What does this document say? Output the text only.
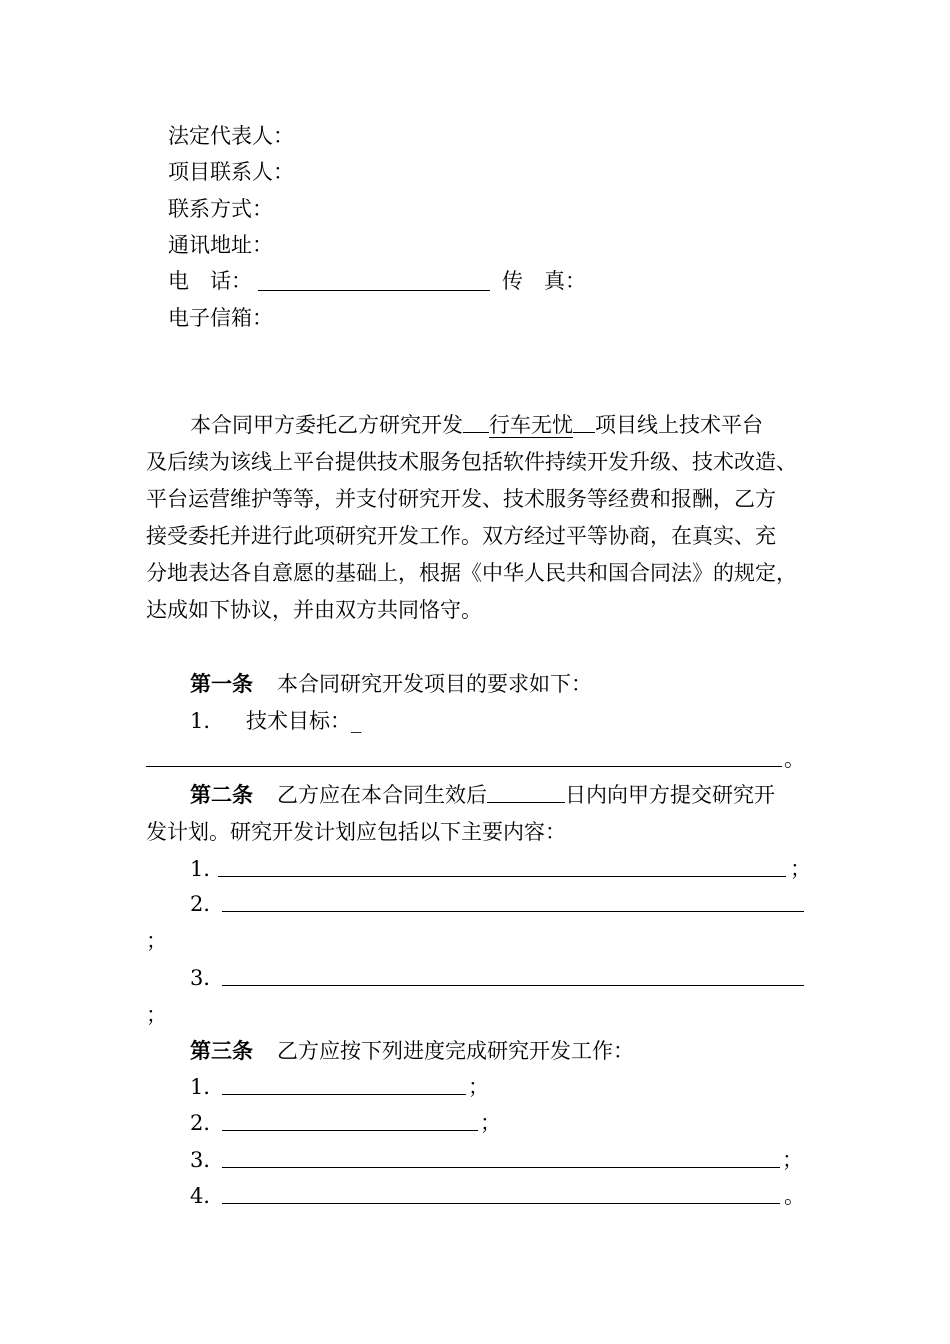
法定代表人：
项目联系人：
联系方式：
通讯地址：
电　话：	传　真：
电子信箱：
本合同甲方委托乙方研究开发 行车无忧 项目线上技术平台
及后续为该线上平台提供技术服务包括软件持续开发升级、技术改造、
平台运营维护等等，并支付研究开发、技术服务等经费和报酬，乙方
接受委托并进行此项研究开发工作。双方经过平等协商，在真实、充
分地表达各自意愿的基础上，根据《中华人民共和国合同法》的规定，
达成如下协议，并由双方共同恪守。
第一条 本合同研究开发项目的要求如下：
1. 技术目标：_
。
第二条 乙方应在本合同生效后	日内向甲方提交研究开
发计划。研究开发计划应包括以下主要内容：
1．	；
2．
；
3．
；
第三条 乙方应按下列进度完成研究开发工作：
1．	；
2．	；
3．	；
4．	。
